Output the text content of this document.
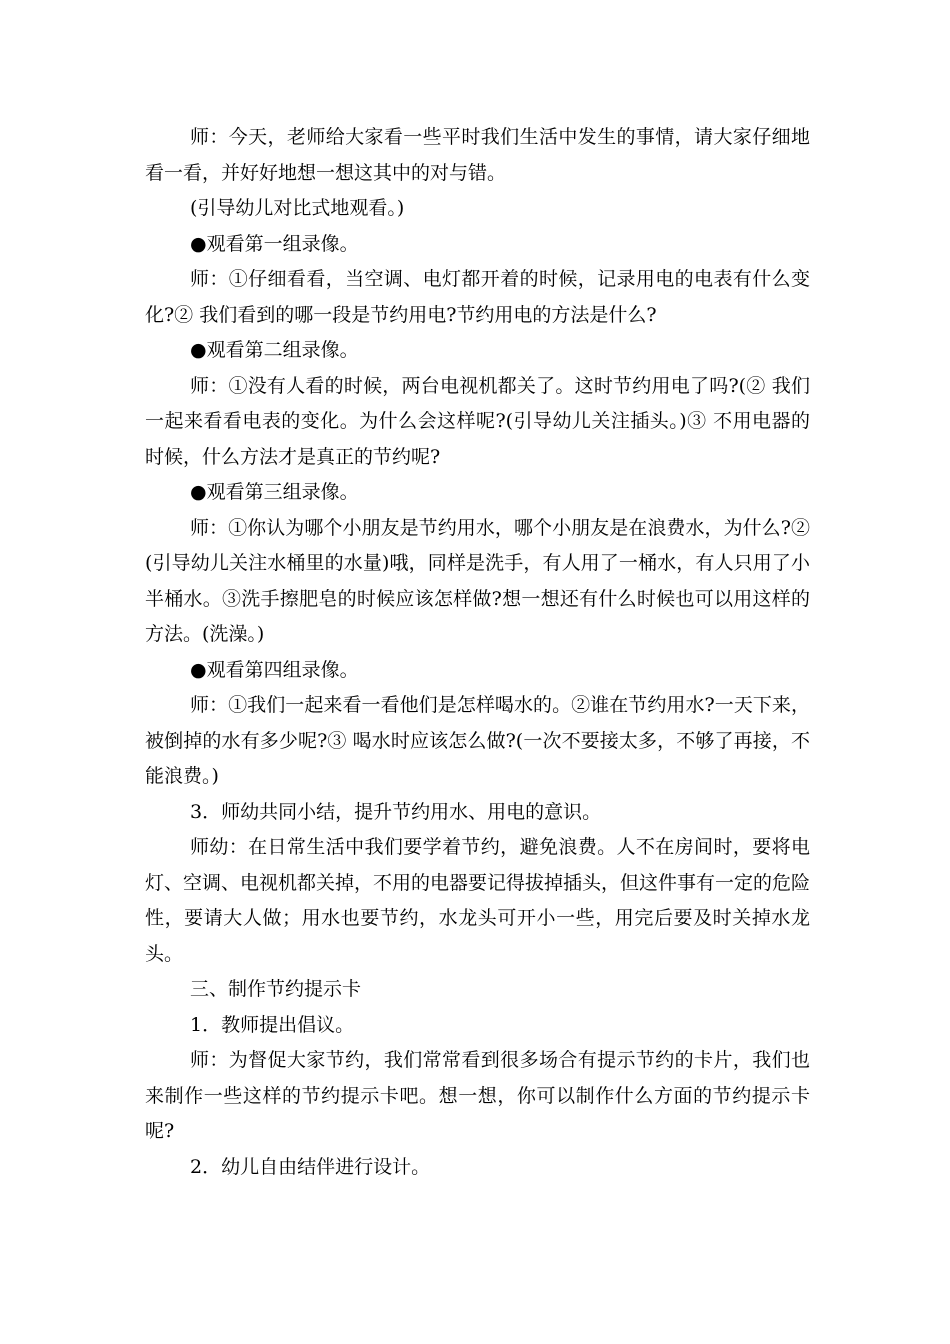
师：今天，老师给大家看一些平时我们生活中发生的事情，请大家仔细地看一看，并好好地想一想这其中的对与错。

(引导幼儿对比式地观看。)

●观看第一组录像。

师：①仔细看看，当空调、电灯都开着的时候，记录用电的电表有什么变化?② 我们看到的哪一段是节约用电?节约用电的方法是什么?

●观看第二组录像。

师：①没有人看的时候，两台电视机都关了。这时节约用电了吗?(② 我们一起来看看电表的变化。为什么会这样呢?(引导幼儿关注插头。)③ 不用电器的时候，什么方法才是真正的节约呢?

●观看第三组录像。

师：①你认为哪个小朋友是节约用水，哪个小朋友是在浪费水，为什么?②(引导幼儿关注水桶里的水量)哦，同样是洗手，有人用了一桶水，有人只用了小半桶水。③洗手擦肥皂的时候应该怎样做?想一想还有什么时候也可以用这样的方法。(洗澡。)

●观看第四组录像。

师：①我们一起来看一看他们是怎样喝水的。②谁在节约用水?一天下来，被倒掉的水有多少呢?③ 喝水时应该怎么做?(一次不要接太多，不够了再接，不能浪费。)

3．师幼共同小结，提升节约用水、用电的意识。

师幼：在日常生活中我们要学着节约，避免浪费。人不在房间时，要将电灯、空调、电视机都关掉，不用的电器要记得拔掉插头，但这件事有一定的危险性，要请大人做；用水也要节约，水龙头可开小一些，用完后要及时关掉水龙头。

三、制作节约提示卡

1．教师提出倡议。

师：为督促大家节约，我们常常看到很多场合有提示节约的卡片，我们也来制作一些这样的节约提示卡吧。想一想，你可以制作什么方面的节约提示卡呢?

2．幼儿自由结伴进行设计。
